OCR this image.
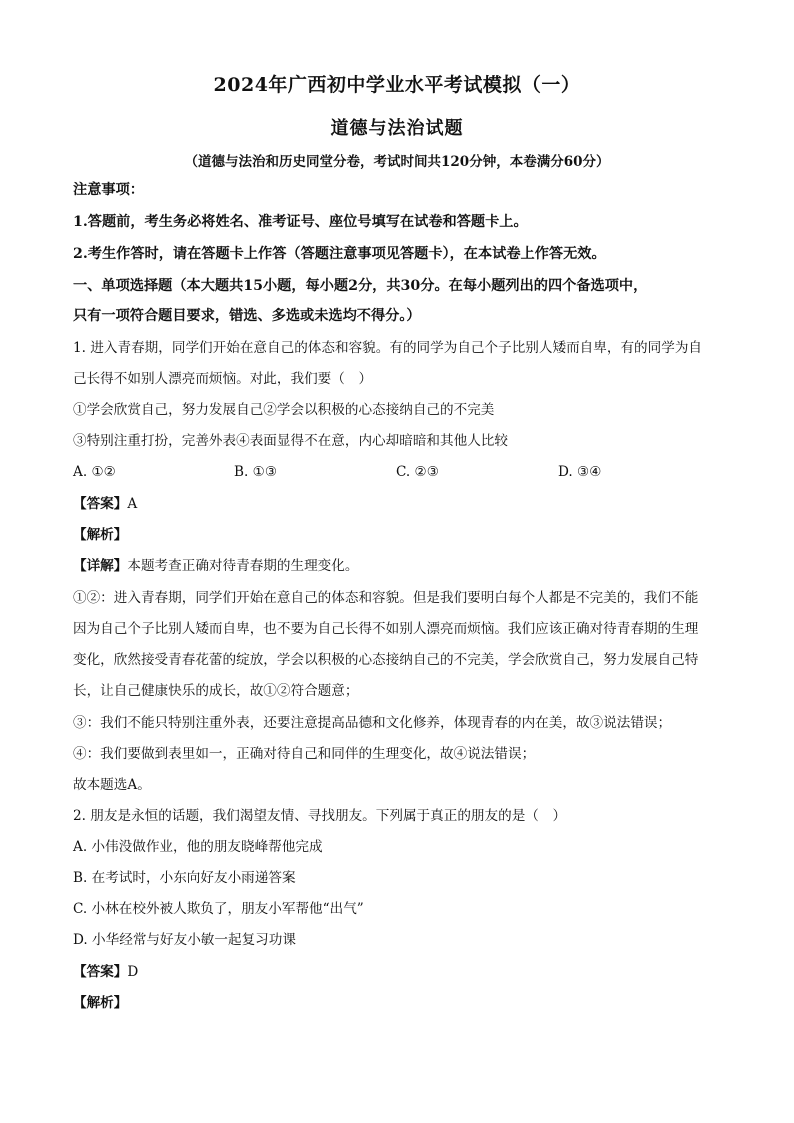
2024年广西初中学业水平考试模拟（一）
道德与法治试题
（道德与法治和历史同堂分卷，考试时间共120分钟，本卷满分60分）
注意事项：
1.答题前，考生务必将姓名、准考证号、座位号填写在试卷和答题卡上。
2.考生作答时，请在答题卡上作答（答题注意事项见答题卡），在本试卷上作答无效。
一、单项选择题（本大题共15小题，每小题2分，共30分。在每小题列出的四个备选项中，
只有一项符合题目要求，错选、多选或未选均不得分。）
1. 进入青春期，同学们开始在意自己的体态和容貌。有的同学为自己个子比别人矮而自卑，有的同学为自
己长得不如别人漂亮而烦恼。对此，我们要（　）
①学会欣赏自己，努力发展自己②学会以积极的心态接纳自己的不完美
③特别注重打扮，完善外表④表面显得不在意，内心却暗暗和其他人比较
A. ①②	B. ①③	C. ②③	D. ③④
【答案】A
【解析】
【详解】本题考查正确对待青春期的生理变化。
①②：进入青春期，同学们开始在意自己的体态和容貌。但是我们要明白每个人都是不完美的，我们不能
因为自己个子比别人矮而自卑，也不要为自己长得不如别人漂亮而烦恼。我们应该正确对待青春期的生理
变化，欣然接受青春花蕾的绽放，学会以积极的心态接纳自己的不完美，学会欣赏自己，努力发展自己特
长，让自己健康快乐的成长，故①②符合题意；
③：我们不能只特别注重外表，还要注意提高品德和文化修养，体现青春的内在美，故③说法错误；
④：我们要做到表里如一，正确对待自己和同伴的生理变化，故④说法错误；
故本题选A。
2. 朋友是永恒的话题，我们渴望友情、寻找朋友。下列属于真正的朋友的是（　）
A. 小伟没做作业，他的朋友晓峰帮他完成
B. 在考试时，小东向好友小雨递答案
C. 小林在校外被人欺负了，朋友小军帮他“出气”
D. 小华经常与好友小敏一起复习功课
【答案】D
【解析】
